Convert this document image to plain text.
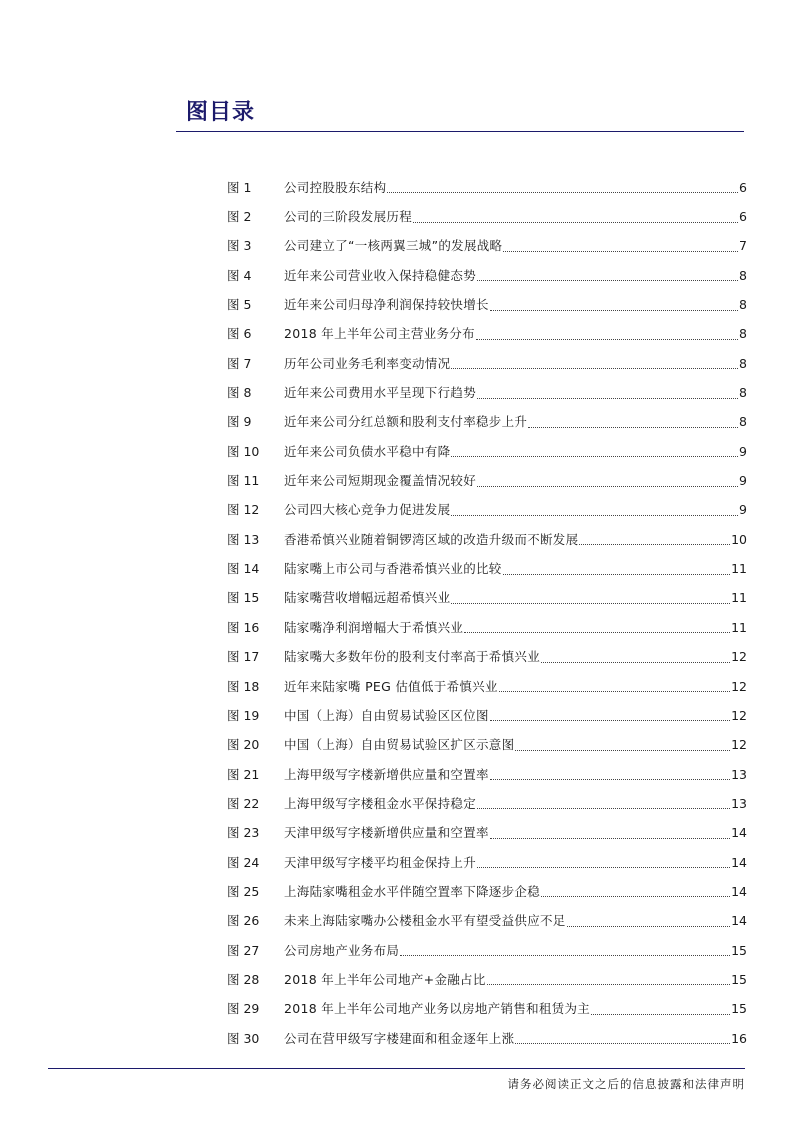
图目录
图 1	公司控股股东结构	6
图 2	公司的三阶段发展历程	6
图 3	公司建立了“一核两翼三城”的发展战略	7
图 4	近年来公司营业收入保持稳健态势	8
图 5	近年来公司归母净利润保持较快增长	8
图 6	2018 年上半年公司主营业务分布	8
图 7	历年公司业务毛利率变动情况	8
图 8	近年来公司费用水平呈现下行趋势	8
图 9	近年来公司分红总额和股利支付率稳步上升	8
图 10	近年来公司负债水平稳中有降	9
图 11	近年来公司短期现金覆盖情况较好	9
图 12	公司四大核心竞争力促进发展	9
图 13	香港希慎兴业随着铜锣湾区域的改造升级而不断发展	10
图 14	陆家嘴上市公司与香港希慎兴业的比较	11
图 15	陆家嘴营收增幅远超希慎兴业	11
图 16	陆家嘴净利润增幅大于希慎兴业	11
图 17	陆家嘴大多数年份的股利支付率高于希慎兴业	12
图 18	近年来陆家嘴 PEG 估值低于希慎兴业	12
图 19	中国（上海）自由贸易试验区区位图	12
图 20	中国（上海）自由贸易试验区扩区示意图	12
图 21	上海甲级写字楼新增供应量和空置率	13
图 22	上海甲级写字楼租金水平保持稳定	13
图 23	天津甲级写字楼新增供应量和空置率	14
图 24	天津甲级写字楼平均租金保持上升	14
图 25	上海陆家嘴租金水平伴随空置率下降逐步企稳	14
图 26	未来上海陆家嘴办公楼租金水平有望受益供应不足	14
图 27	公司房地产业务布局	15
图 28	2018 年上半年公司地产+金融占比	15
图 29	2018 年上半年公司地产业务以房地产销售和租赁为主	15
图 30	公司在营甲级写字楼建面和租金逐年上涨	16
请务必阅读正文之后的信息披露和法律声明
